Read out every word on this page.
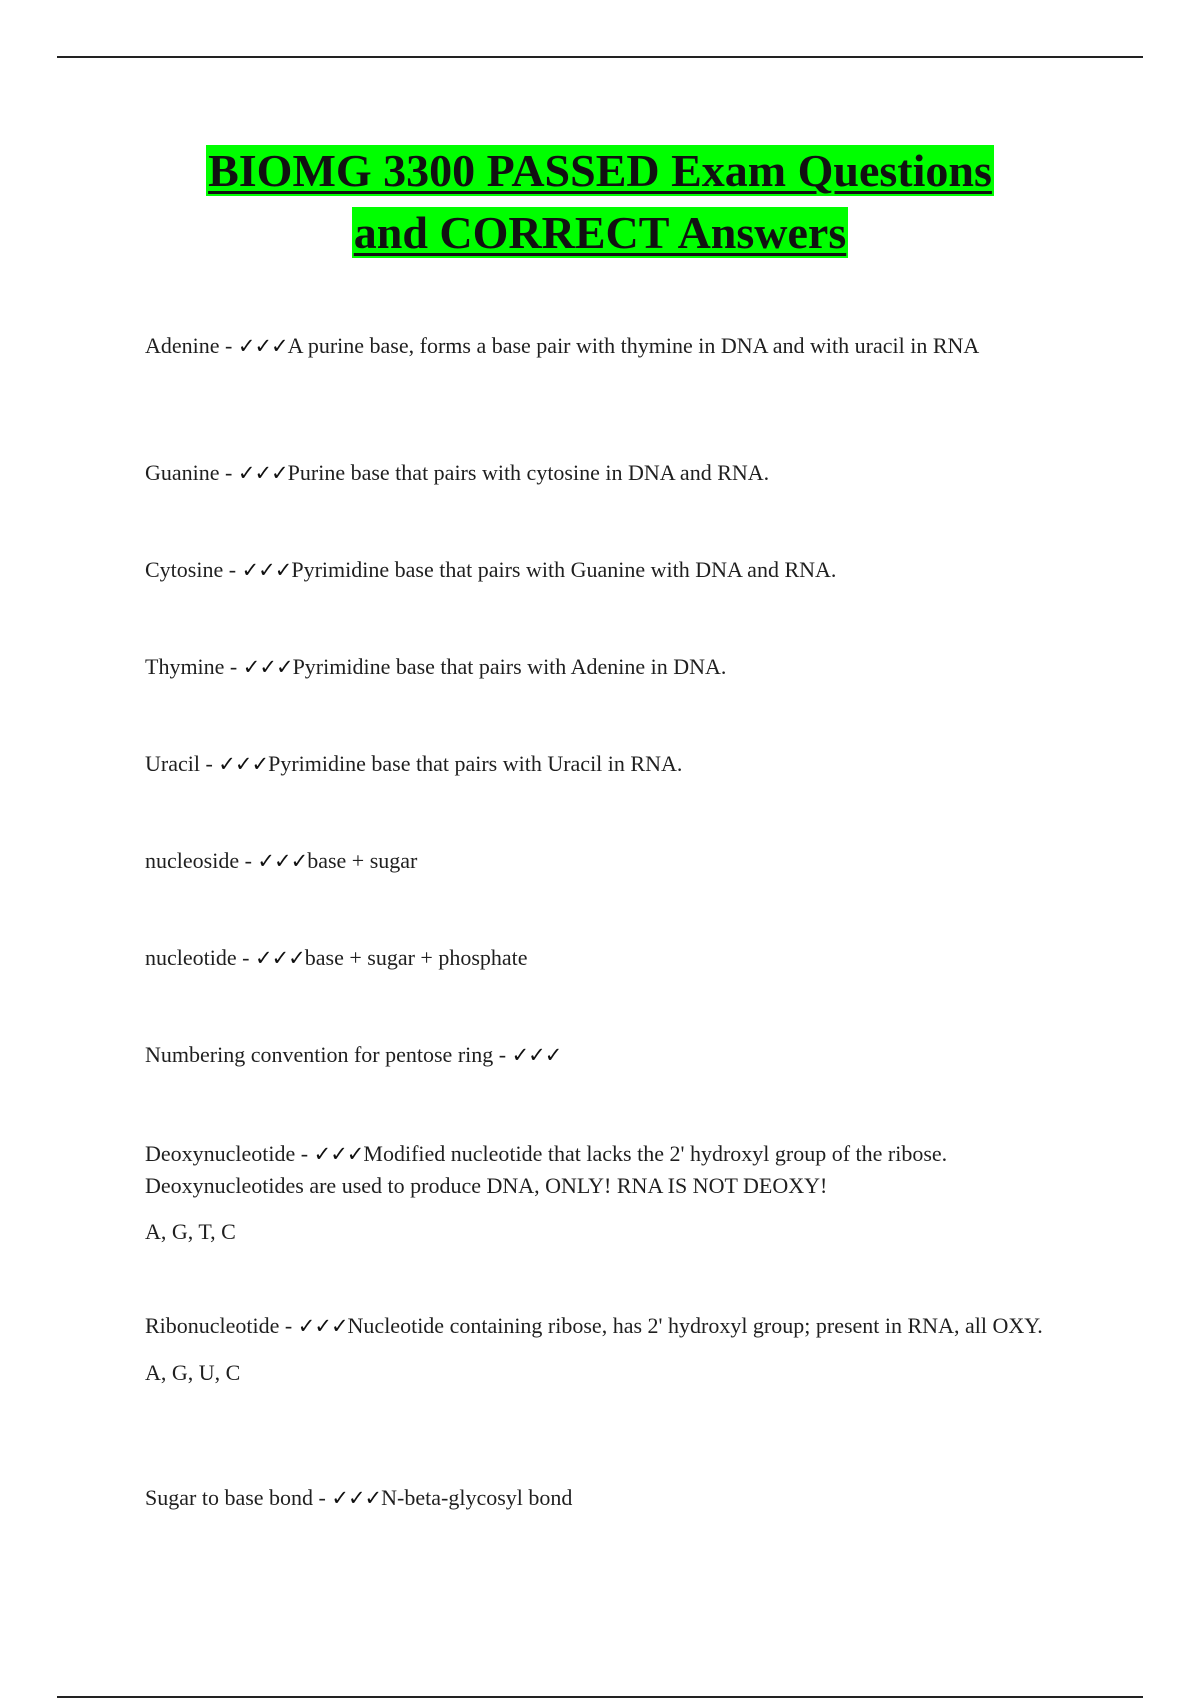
BIOMG 3300 PASSED Exam Questions
and CORRECT Answers
Adenine - ✓✓✓A purine base, forms a base pair with thymine in DNA and with uracil in RNA
Guanine - ✓✓✓Purine base that pairs with cytosine in DNA and RNA.
Cytosine - ✓✓✓Pyrimidine base that pairs with Guanine with DNA and RNA.
Thymine - ✓✓✓Pyrimidine base that pairs with Adenine in DNA.
Uracil - ✓✓✓Pyrimidine base that pairs with Uracil in RNA.
nucleoside - ✓✓✓base + sugar
nucleotide - ✓✓✓base + sugar + phosphate
Numbering convention for pentose ring - ✓✓✓
Deoxynucleotide - ✓✓✓Modified nucleotide that lacks the 2' hydroxyl group of the ribose. Deoxynucleotides are used to produce DNA, ONLY! RNA IS NOT DEOXY!
A, G, T, C
Ribonucleotide - ✓✓✓Nucleotide containing ribose, has 2' hydroxyl group; present in RNA, all OXY.
A, G, U, C
Sugar to base bond - ✓✓✓N-beta-glycosyl bond
